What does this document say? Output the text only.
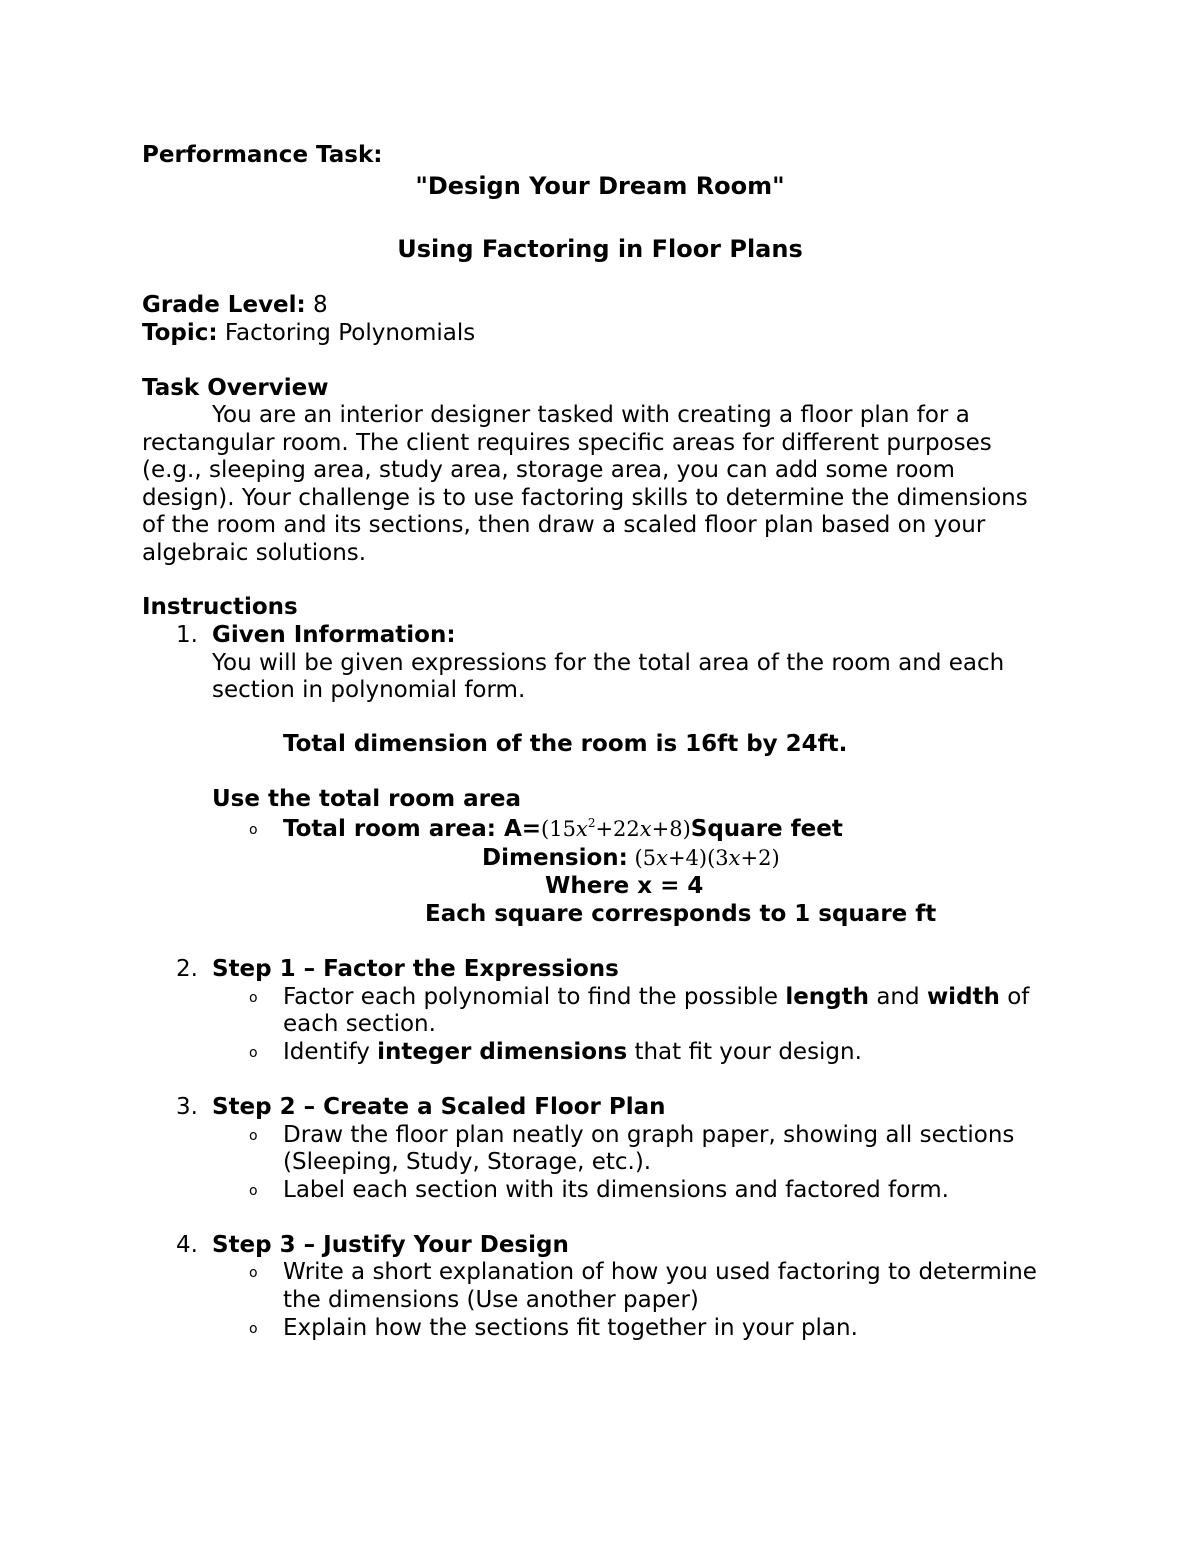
Performance Task:
"Design Your Dream Room"
Using Factoring in Floor Plans
Grade Level: 8
Topic: Factoring Polynomials
Task Overview
You are an interior designer tasked with creating a floor plan for a
rectangular room. The client requires specific areas for different purposes
(e.g., sleeping area, study area, storage area, you can add some room
design). Your challenge is to use factoring skills to determine the dimensions
of the room and its sections, then draw a scaled floor plan based on your
algebraic solutions.
Instructions
1. Given Information:
You will be given expressions for the total area of the room and each
section in polynomial form.
Total dimension of the room is 16ft by 24ft.
Use the total room area
o Total room area: $A=(15x^2+22x+8)Square$ feet
Dimension: (5x+4)(3x+2)
Where x = 4
Each square corresponds to 1 square ft
2. Step 1 – Factor the Expressions
o Factor each polynomial to find the possible length and width of
each section.
o Identify integer dimensions that fit your design.
3. Step 2 – Create a Scaled Floor Plan
o Draw the floor plan neatly on graph paper, showing all sections
(Sleeping, Study, Storage, etc.).
o Label each section with its dimensions and factored form.
4. Step 3 – Justify Your Design
o Write a short explanation of how you used factoring to determine
the dimensions (Use another paper)
o Explain how the sections fit together in your plan.
